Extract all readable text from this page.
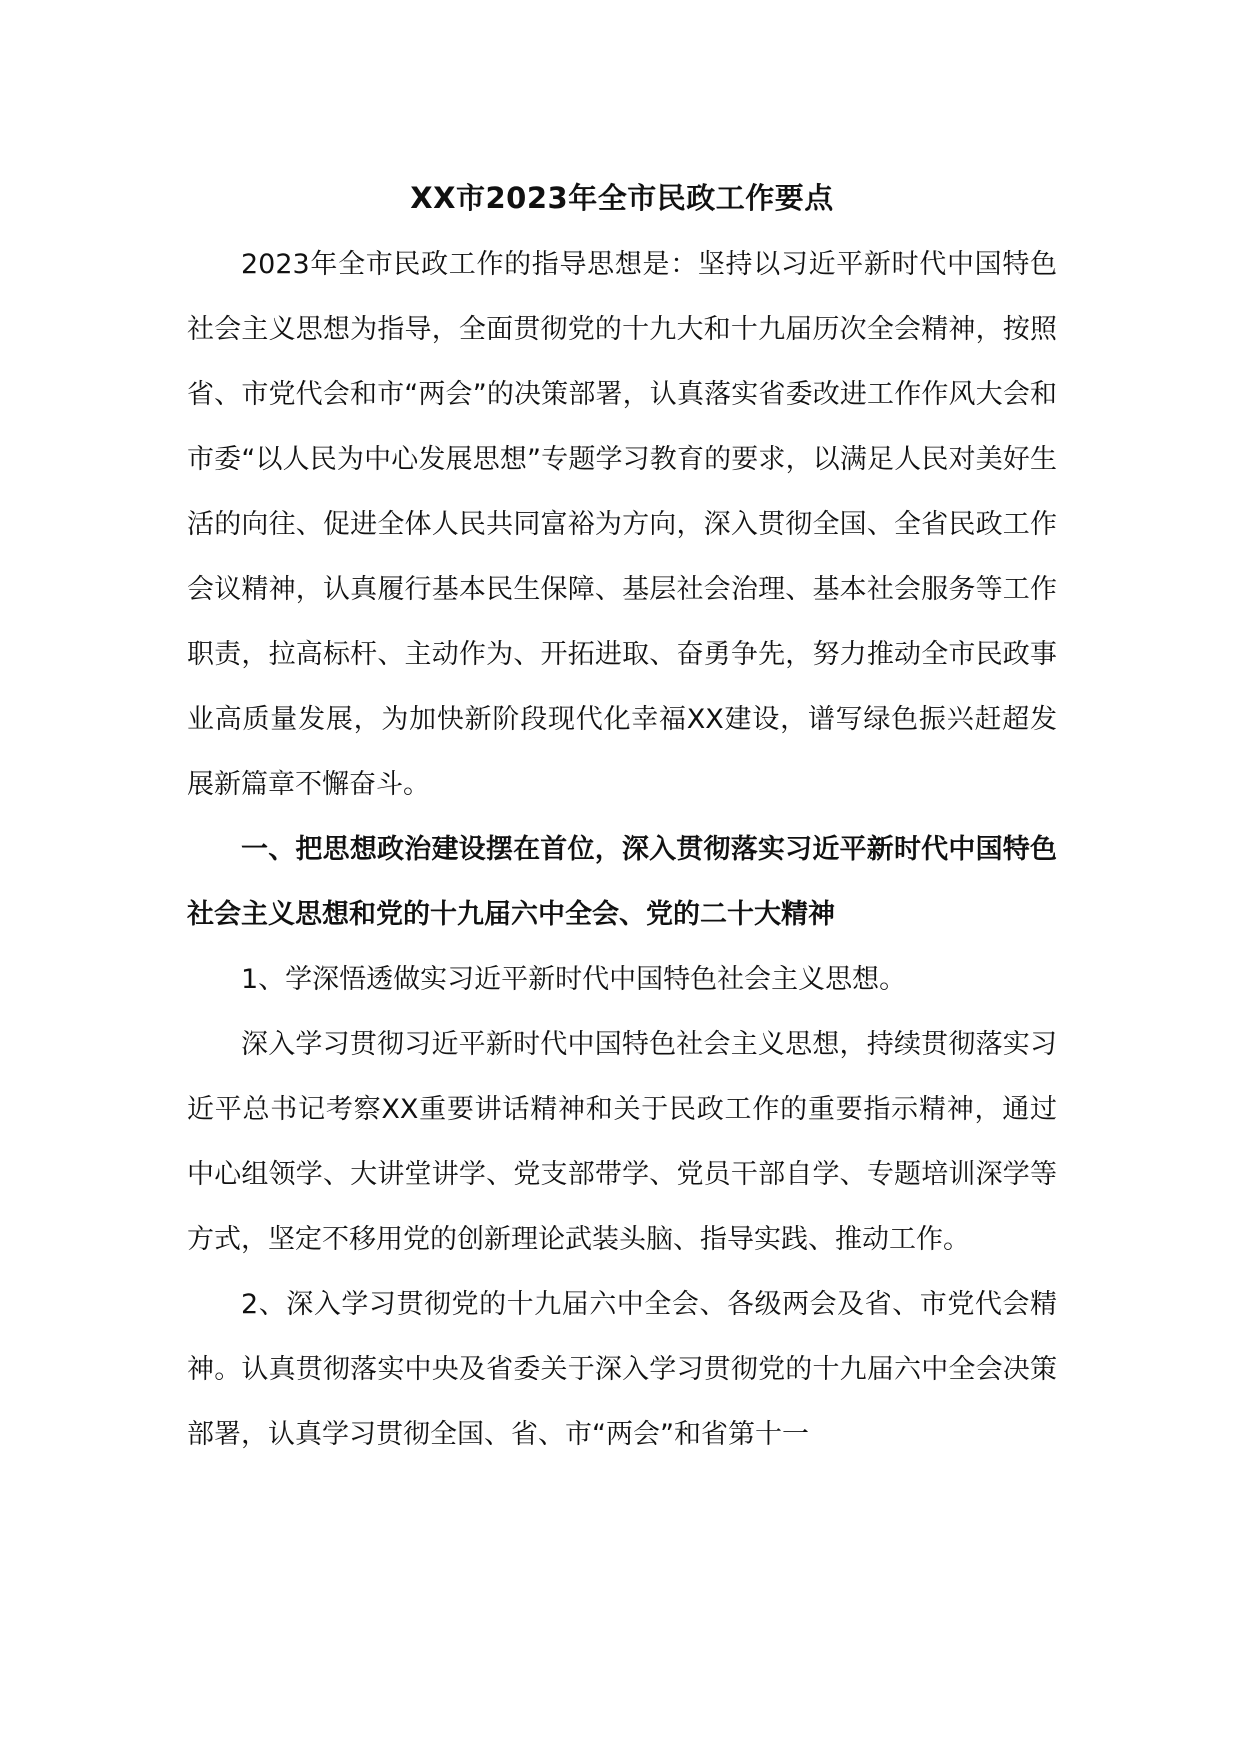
XX市2023年全市民政工作要点

2023年全市民政工作的指导思想是：坚持以习近平新时代中国特色社会主义思想为指导，全面贯彻党的十九大和十九届历次全会精神，按照省、市党代会和市“两会”的决策部署，认真落实省委改进工作作风大会和市委“以人民为中心发展思想”专题学习教育的要求，以满足人民对美好生活的向往、促进全体人民共同富裕为方向，深入贯彻全国、全省民政工作会议精神，认真履行基本民生保障、基层社会治理、基本社会服务等工作职责，拉高标杆、主动作为、开拓进取、奋勇争先，努力推动全市民政事业高质量发展，为加快新阶段现代化幸福XX建设，谱写绿色振兴赶超发展新篇章不懈奋斗。

一、把思想政治建设摆在首位，深入贯彻落实习近平新时代中国特色社会主义思想和党的十九届六中全会、党的二十大精神

1、学深悟透做实习近平新时代中国特色社会主义思想。

深入学习贯彻习近平新时代中国特色社会主义思想，持续贯彻落实习近平总书记考察XX重要讲话精神和关于民政工作的重要指示精神，通过中心组领学、大讲堂讲学、党支部带学、党员干部自学、专题培训深学等方式，坚定不移用党的创新理论武装头脑、指导实践、推动工作。

2、深入学习贯彻党的十九届六中全会、各级两会及省、市党代会精神。认真贯彻落实中央及省委关于深入学习贯彻党的十九届六中全会决策部署，认真学习贯彻全国、省、市“两会”和省第十一
